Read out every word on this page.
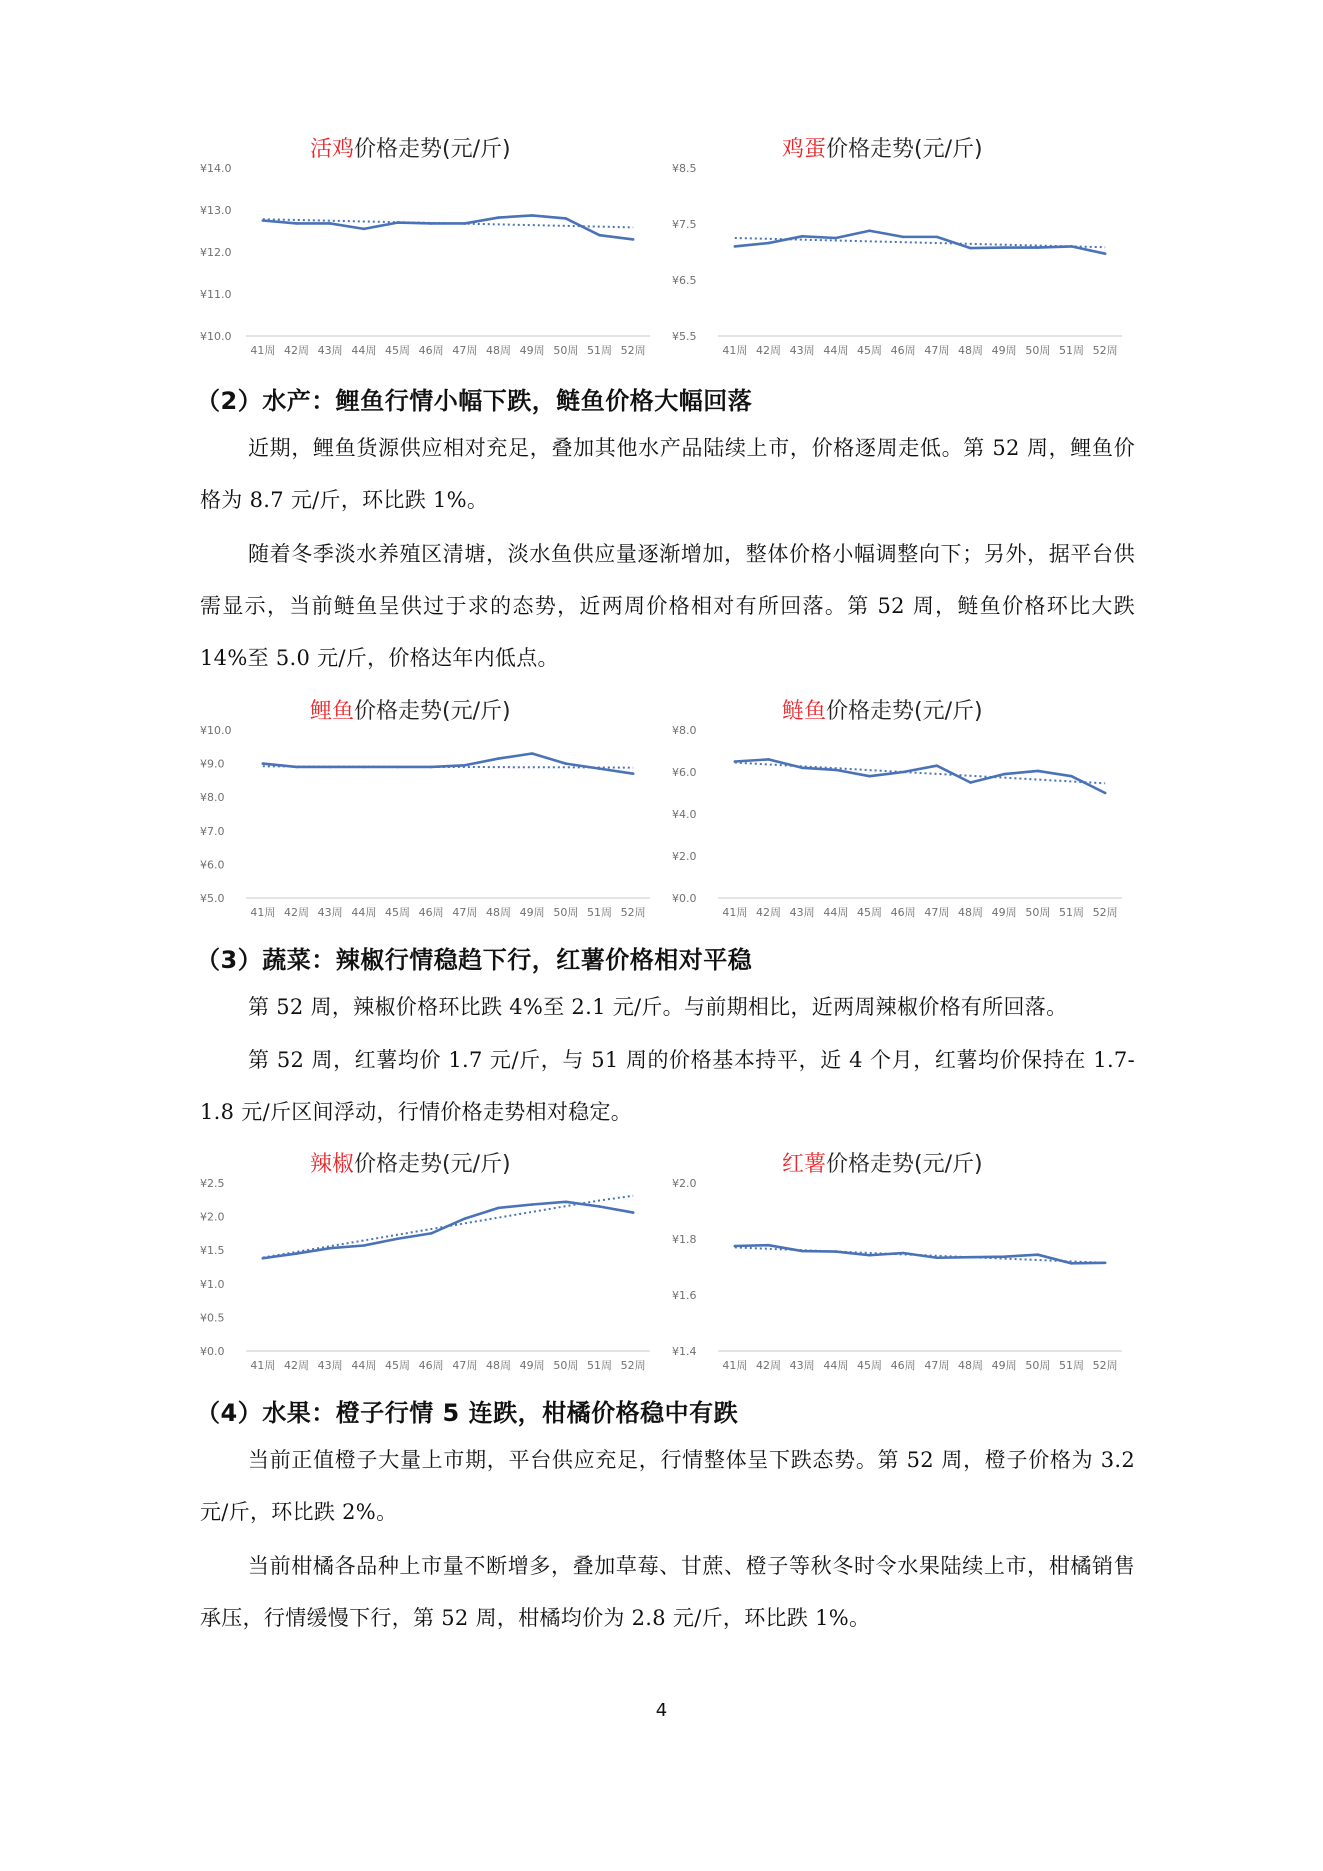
活鸡价格走势(元/斤)
¥14.0
¥13.0
¥12.0
¥11.0
¥10.0
41周 42周 43周 44周 45周 46周 47周 48周 49周 50周 51周 52周
鸡蛋价格走势(元/斤)
¥8.5
¥7.5
¥6.5
¥5.5
41周 42周 43周 44周 45周 46周 47周 48周 49周 50周 51周 52周
（2）水产：鲤鱼行情小幅下跌，鲢鱼价格大幅回落
近期，鲤鱼货源供应相对充足，叠加其他水产品陆续上市，价格逐周走低。第 52 周，鲤鱼价格为 8.7 元/斤，环比跌 1%。
随着冬季淡水养殖区清塘，淡水鱼供应量逐渐增加，整体价格小幅调整向下；另外，据平台供需显示，当前鲢鱼呈供过于求的态势，近两周价格相对有所回落。第 52 周，鲢鱼价格环比大跌 14%至 5.0 元/斤，价格达年内低点。
鲤鱼价格走势(元/斤)
¥10.0
¥9.0
¥8.0
¥7.0
¥6.0
¥5.0
41周 42周 43周 44周 45周 46周 47周 48周 49周 50周 51周 52周
鲢鱼价格走势(元/斤)
¥8.0
¥6.0
¥4.0
¥2.0
¥0.0
41周 42周 43周 44周 45周 46周 47周 48周 49周 50周 51周 52周
（3）蔬菜：辣椒行情稳趋下行，红薯价格相对平稳
第 52 周，辣椒价格环比跌 4%至 2.1 元/斤。与前期相比，近两周辣椒价格有所回落。
第 52 周，红薯均价 1.7 元/斤，与 51 周的价格基本持平，近 4 个月，红薯均价保持在 1.7-1.8 元/斤区间浮动，行情价格走势相对稳定。
辣椒价格走势(元/斤)
¥2.5
¥2.0
¥1.5
¥1.0
¥0.5
¥0.0
41周 42周 43周 44周 45周 46周 47周 48周 49周 50周 51周 52周
红薯价格走势(元/斤)
¥2.0
¥1.8
¥1.6
¥1.4
41周 42周 43周 44周 45周 46周 47周 48周 49周 50周 51周 52周
（4）水果：橙子行情 5 连跌，柑橘价格稳中有跌
当前正值橙子大量上市期，平台供应充足，行情整体呈下跌态势。第 52 周，橙子价格为 3.2 元/斤，环比跌 2%。
当前柑橘各品种上市量不断增多，叠加草莓、甘蔗、橙子等秋冬时令水果陆续上市，柑橘销售承压，行情缓慢下行，第 52 周，柑橘均价为 2.8 元/斤，环比跌 1%。
4
